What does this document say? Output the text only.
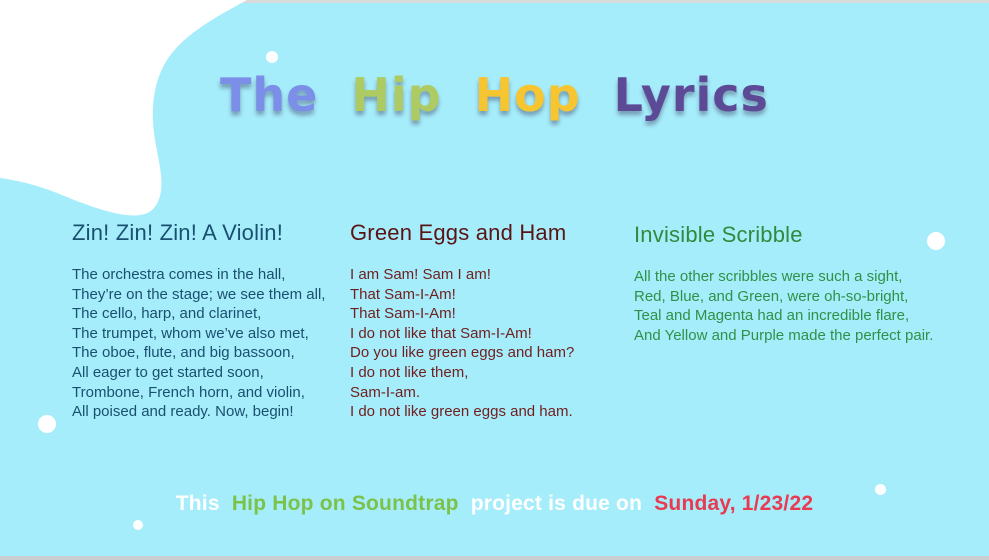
The Hip Hop Lyrics
Zin! Zin! Zin! A Violin!
The orchestra comes in the hall,
They’re on the stage; we see them all,
The cello, harp, and clarinet,
The trumpet, whom we’ve also met,
The oboe, flute, and big bassoon,
All eager to get started soon,
Trombone, French horn, and violin,
All poised and ready. Now, begin!
Green Eggs and Ham
I am Sam! Sam I am!
That Sam-I-Am!
That Sam-I-Am!
I do not like that Sam-I-Am!
Do you like green eggs and ham?
I do not like them,
Sam-I-am.
I do not like green eggs and ham.
Invisible Scribble
All the other scribbles were such a sight,
Red, Blue, and Green, were oh-so-bright,
Teal and Magenta had an incredible flare,
And Yellow and Purple made the perfect pair.
This  Hip Hop on Soundtrap  project is due on  Sunday, 1/23/22
